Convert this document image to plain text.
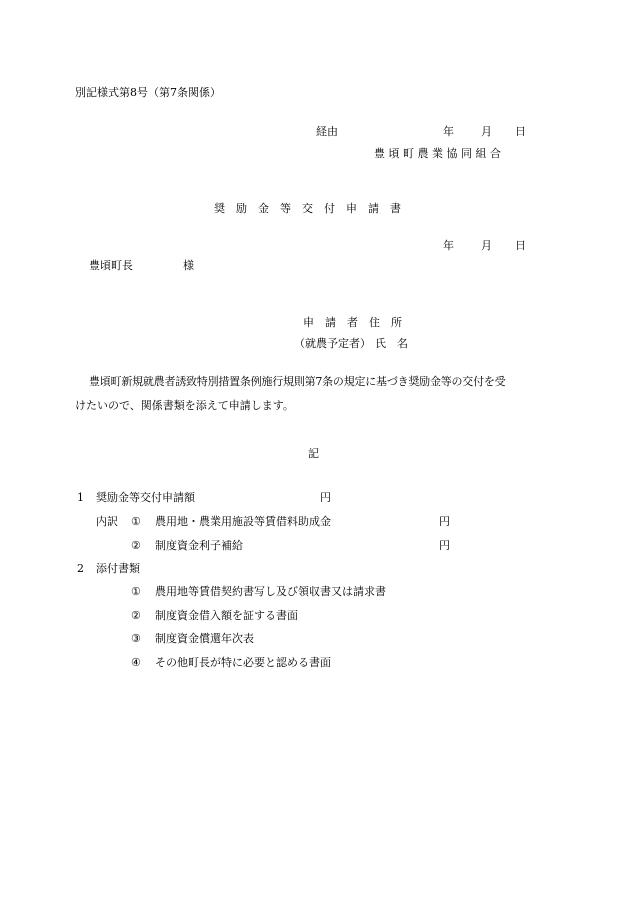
別記様式第8号（第7条関係）
経由	年 月 日
豊 頃 町 農 業 協 同 組 合
奨　励　金　等　交　付　申　請　書
年 月 日
豊頃町長	様
申　請　者　住　所
（就農予定者） 氏　名
豊頃町新規就農者誘致特別措置条例施行規則第7条の規定に基づき奨励金等の交付を受
けたいので、関係書類を添えて申請します。
記
1 奨励金等交付申請額	円
内訳 ① 農用地・農業用施設等賃借料助成金	円
② 制度資金利子補給	円
2 添付書類
① 農用地等賃借契約書写し及び領収書又は請求書
② 制度資金借入額を証する書面
③ 制度資金償還年次表
④ その他町長が特に必要と認める書面
